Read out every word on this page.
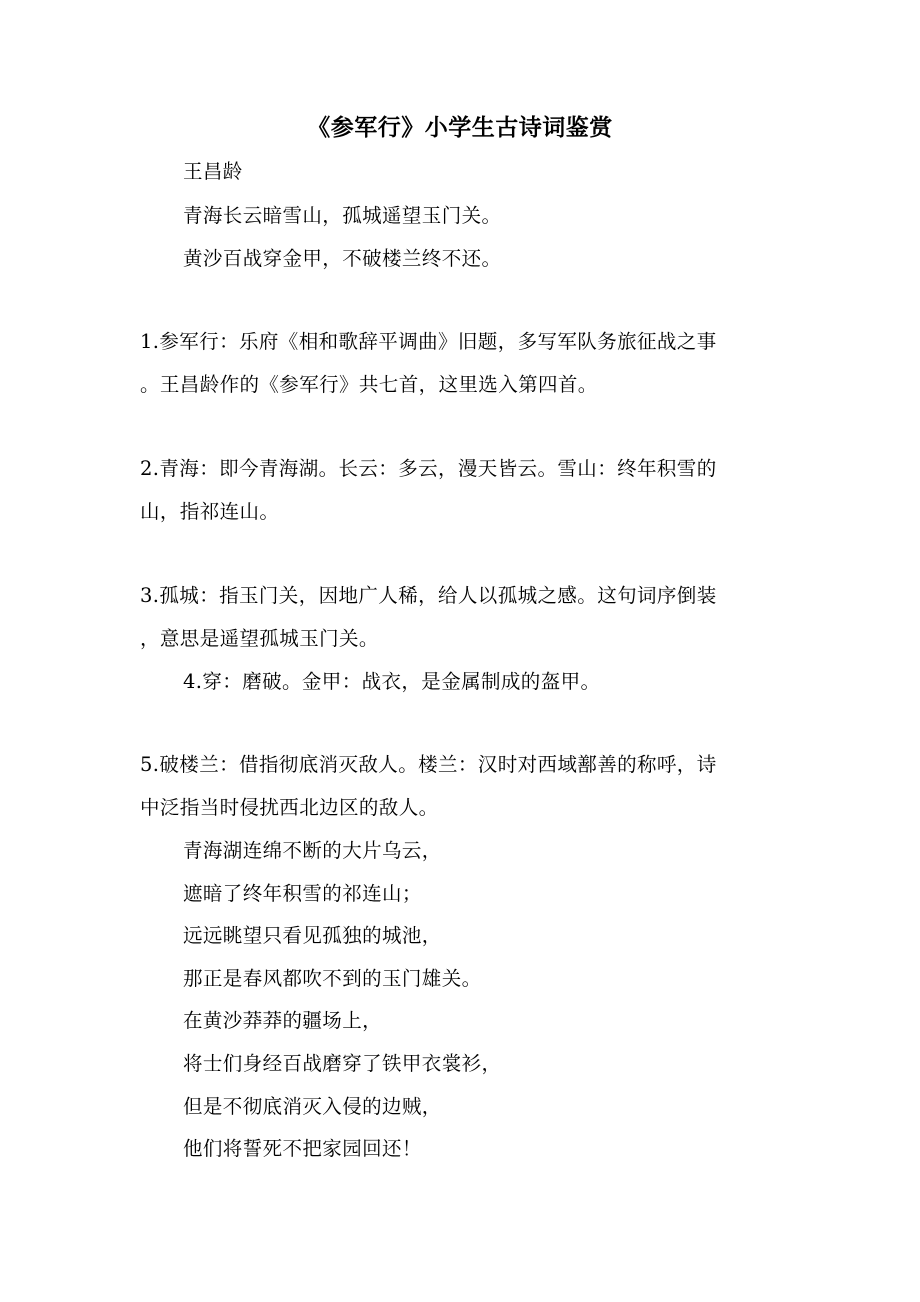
《参军行》小学生古诗词鉴赏
王昌龄
青海长云暗雪山，孤城遥望玉门关。
黄沙百战穿金甲，不破楼兰终不还。
1.参军行：乐府《相和歌辞平调曲》旧题，多写军队务旅征战之事
。王昌龄作的《参军行》共七首，这里选入第四首。
2.青海：即今青海湖。长云：多云，漫天皆云。雪山：终年积雪的
山，指祁连山。
3.孤城：指玉门关，因地广人稀，给人以孤城之感。这句词序倒装
，意思是遥望孤城玉门关。
4.穿：磨破。金甲：战衣，是金属制成的盔甲。
5.破楼兰：借指彻底消灭敌人。楼兰：汉时对西域鄯善的称呼，诗
中泛指当时侵扰西北边区的敌人。
青海湖连绵不断的大片乌云，
遮暗了终年积雪的祁连山；
远远眺望只看见孤独的城池，
那正是春风都吹不到的玉门雄关。
在黄沙莽莽的疆场上，
将士们身经百战磨穿了铁甲衣裳衫，
但是不彻底消灭入侵的边贼，
他们将誓死不把家园回还！
